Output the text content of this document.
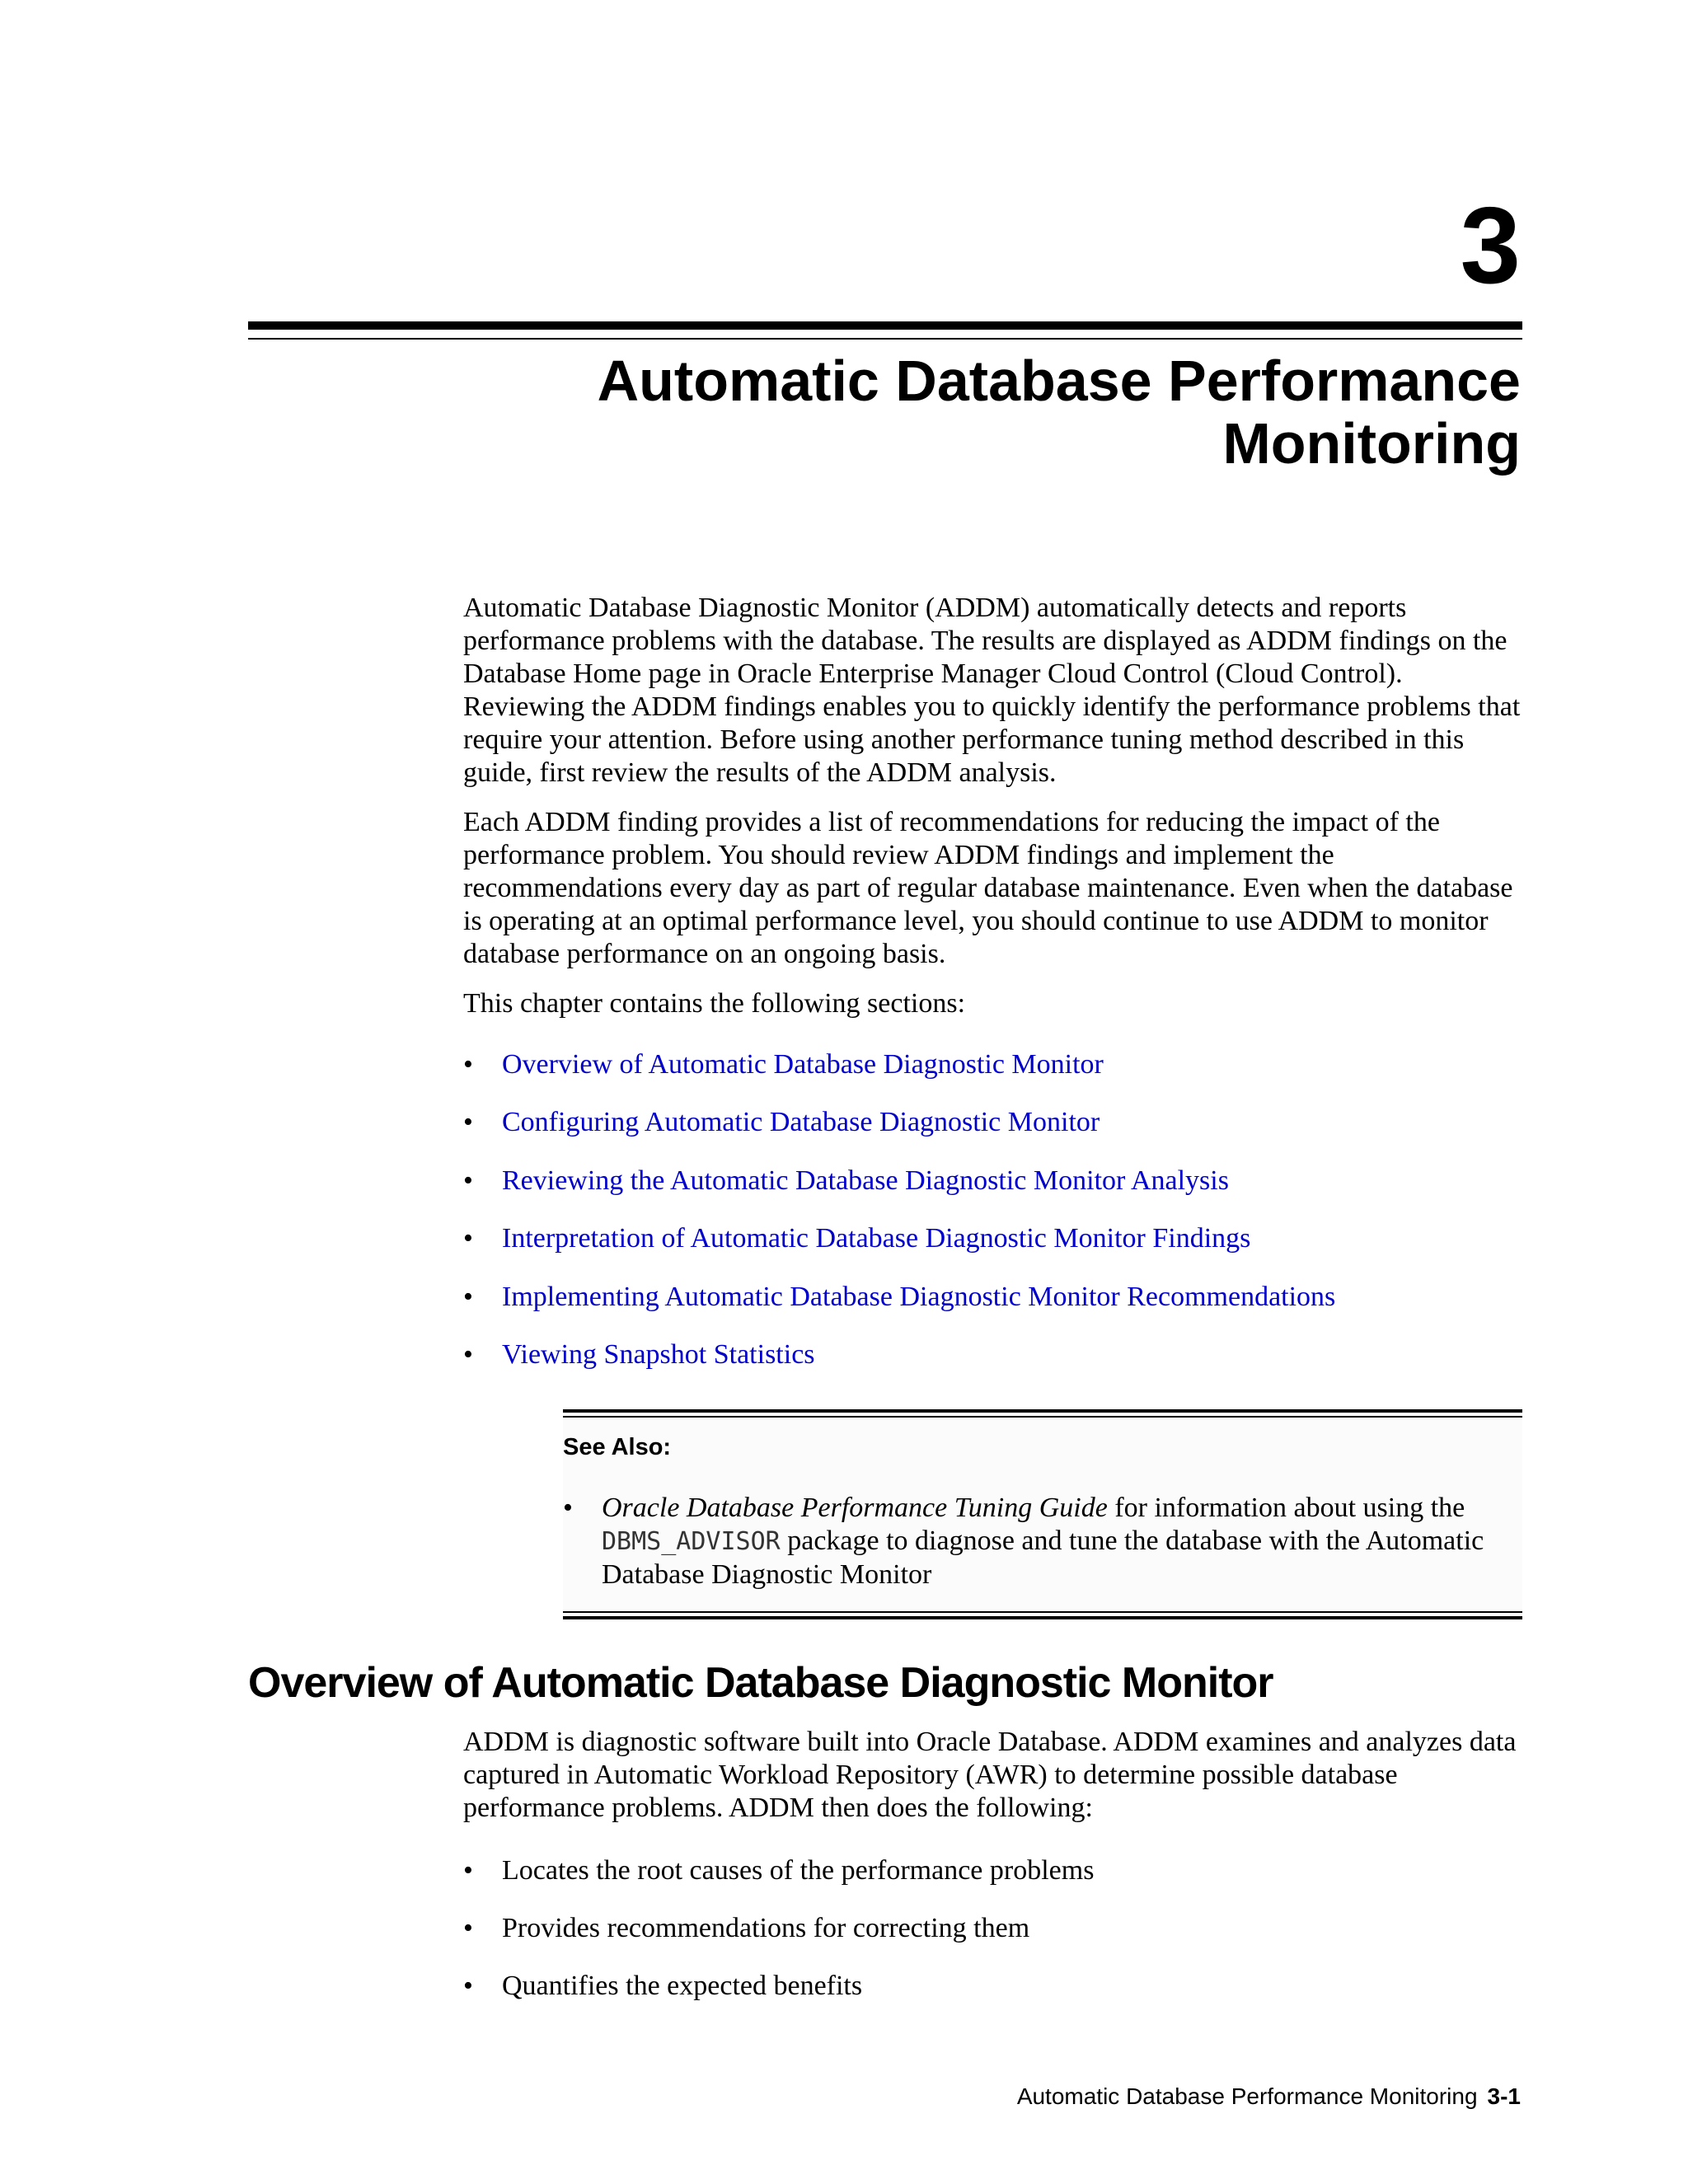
3
Automatic Database Performance
Monitoring

Automatic Database Diagnostic Monitor (ADDM) automatically detects and reports performance problems with the database. The results are displayed as ADDM findings on the Database Home page in Oracle Enterprise Manager Cloud Control (Cloud Control). Reviewing the ADDM findings enables you to quickly identify the performance problems that require your attention. Before using another performance tuning method described in this guide, first review the results of the ADDM analysis.

Each ADDM finding provides a list of recommendations for reducing the impact of the performance problem. You should review ADDM findings and implement the recommendations every day as part of regular database maintenance. Even when the database is operating at an optimal performance level, you should continue to use ADDM to monitor database performance on an ongoing basis.

This chapter contains the following sections:

• Overview of Automatic Database Diagnostic Monitor
• Configuring Automatic Database Diagnostic Monitor
• Reviewing the Automatic Database Diagnostic Monitor Analysis
• Interpretation of Automatic Database Diagnostic Monitor Findings
• Implementing Automatic Database Diagnostic Monitor Recommendations
• Viewing Snapshot Statistics
See Also:
• Oracle Database Performance Tuning Guide for information about using the DBMS_ADVISOR package to diagnose and tune the database with the Automatic Database Diagnostic Monitor
Overview of Automatic Database Diagnostic Monitor

ADDM is diagnostic software built into Oracle Database. ADDM examines and analyzes data captured in Automatic Workload Repository (AWR) to determine possible database performance problems. ADDM then does the following:

• Locates the root causes of the performance problems
• Provides recommendations for correcting them
• Quantifies the expected benefits
Automatic Database Performance Monitoring 3-1
